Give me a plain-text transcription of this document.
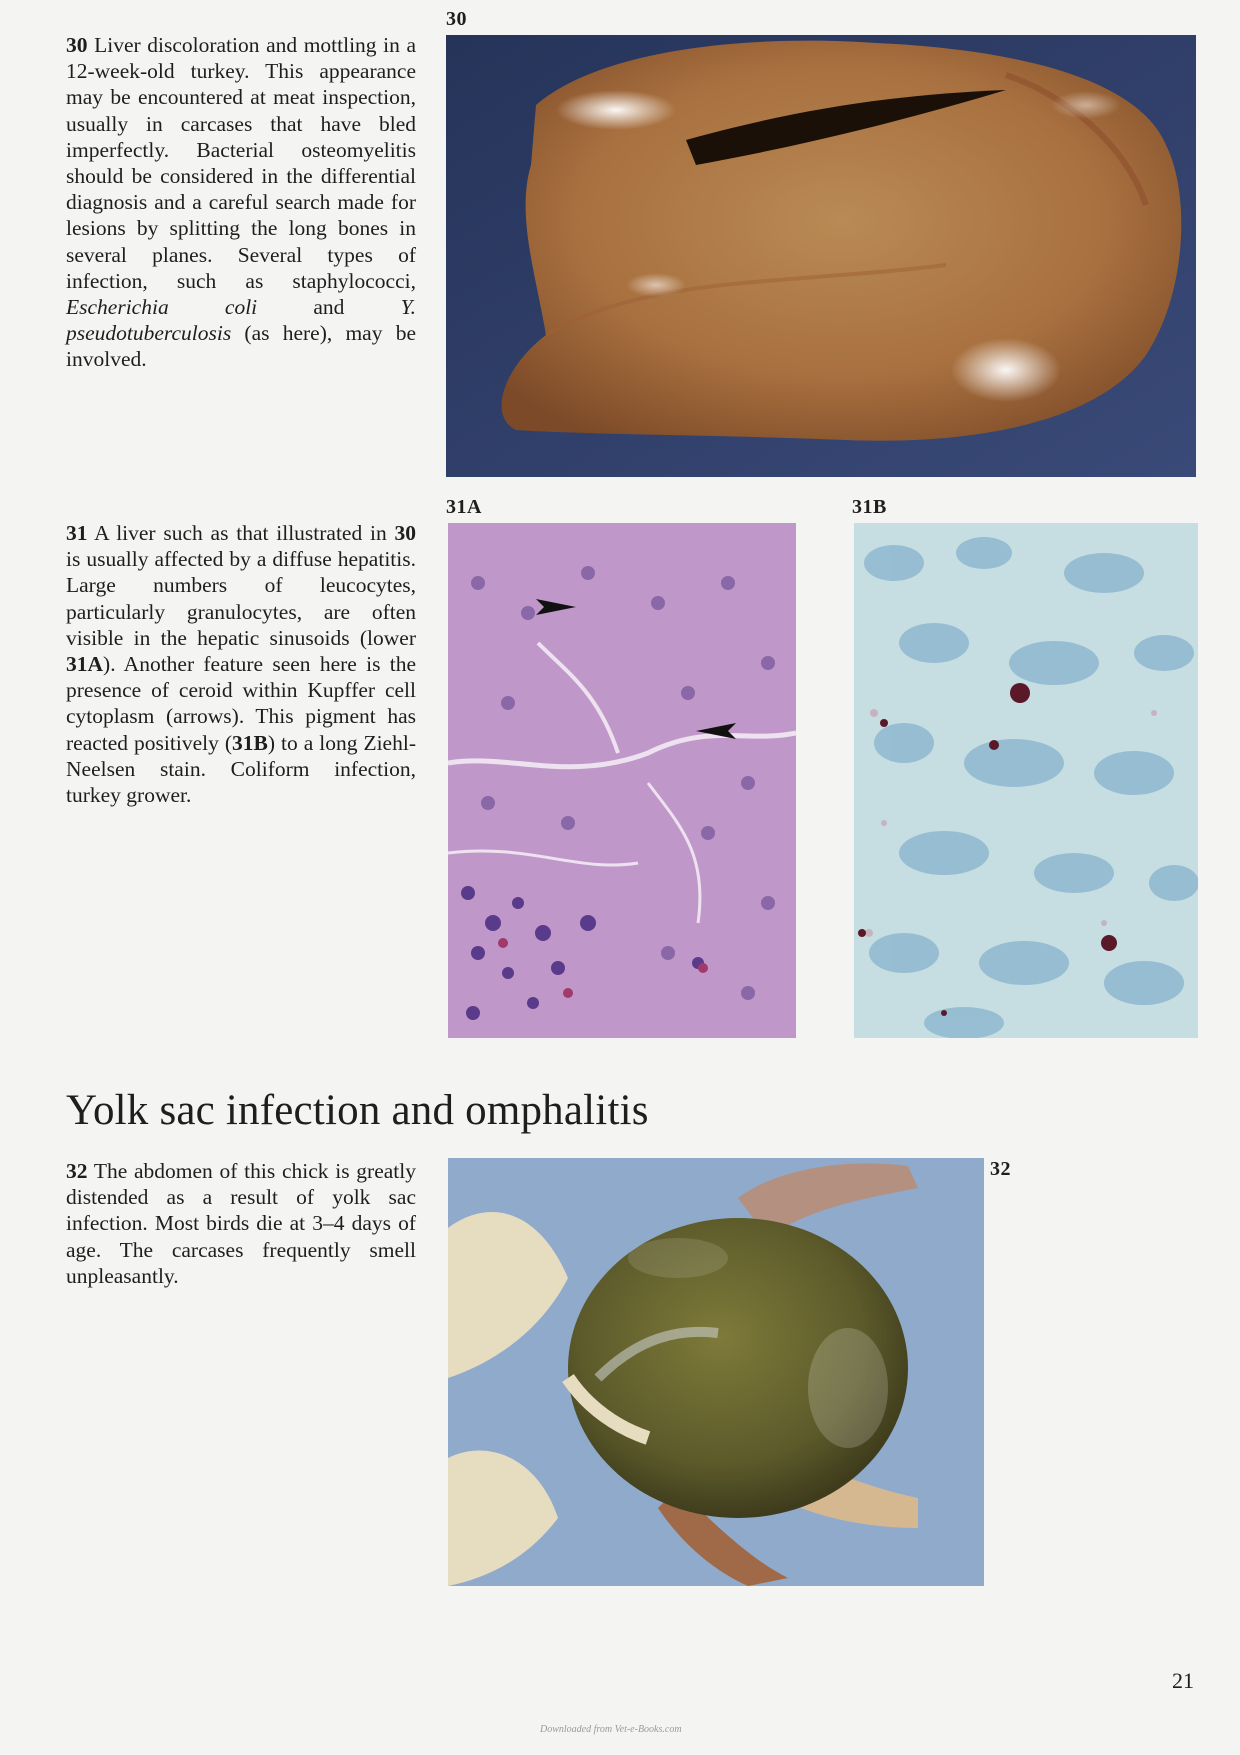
30 Liver discoloration and mottling in a 12-week-old turkey. This appearance may be encountered at meat inspection, usually in carcases that have bled imperfectly. Bacterial osteomyelitis should be considered in the differential diagnosis and a careful search made for lesions by splitting the long bones in several planes. Several types of infection, such as staphylococci, Escherichia coli and Y. pseudotuberculosis (as here), may be involved.
30
31 A liver such as that illustrated in 30 is usually affected by a diffuse hepatitis. Large numbers of leucocytes, particularly granulocytes, are often visible in the hepatic sinusoids (lower 31A). Another feature seen here is the presence of ceroid within Kupffer cell cytoplasm (arrows). This pigment has reacted positively (31B) to a long Ziehl-Neelsen stain. Coliform infection, turkey grower.
31A	31B
Yolk sac infection and omphalitis
32 The abdomen of this chick is greatly distended as a result of yolk sac infection. Most birds die at 3–4 days of age. The carcases frequently smell unpleasantly.
32
21
Downloaded from Vet-e-Books.com
